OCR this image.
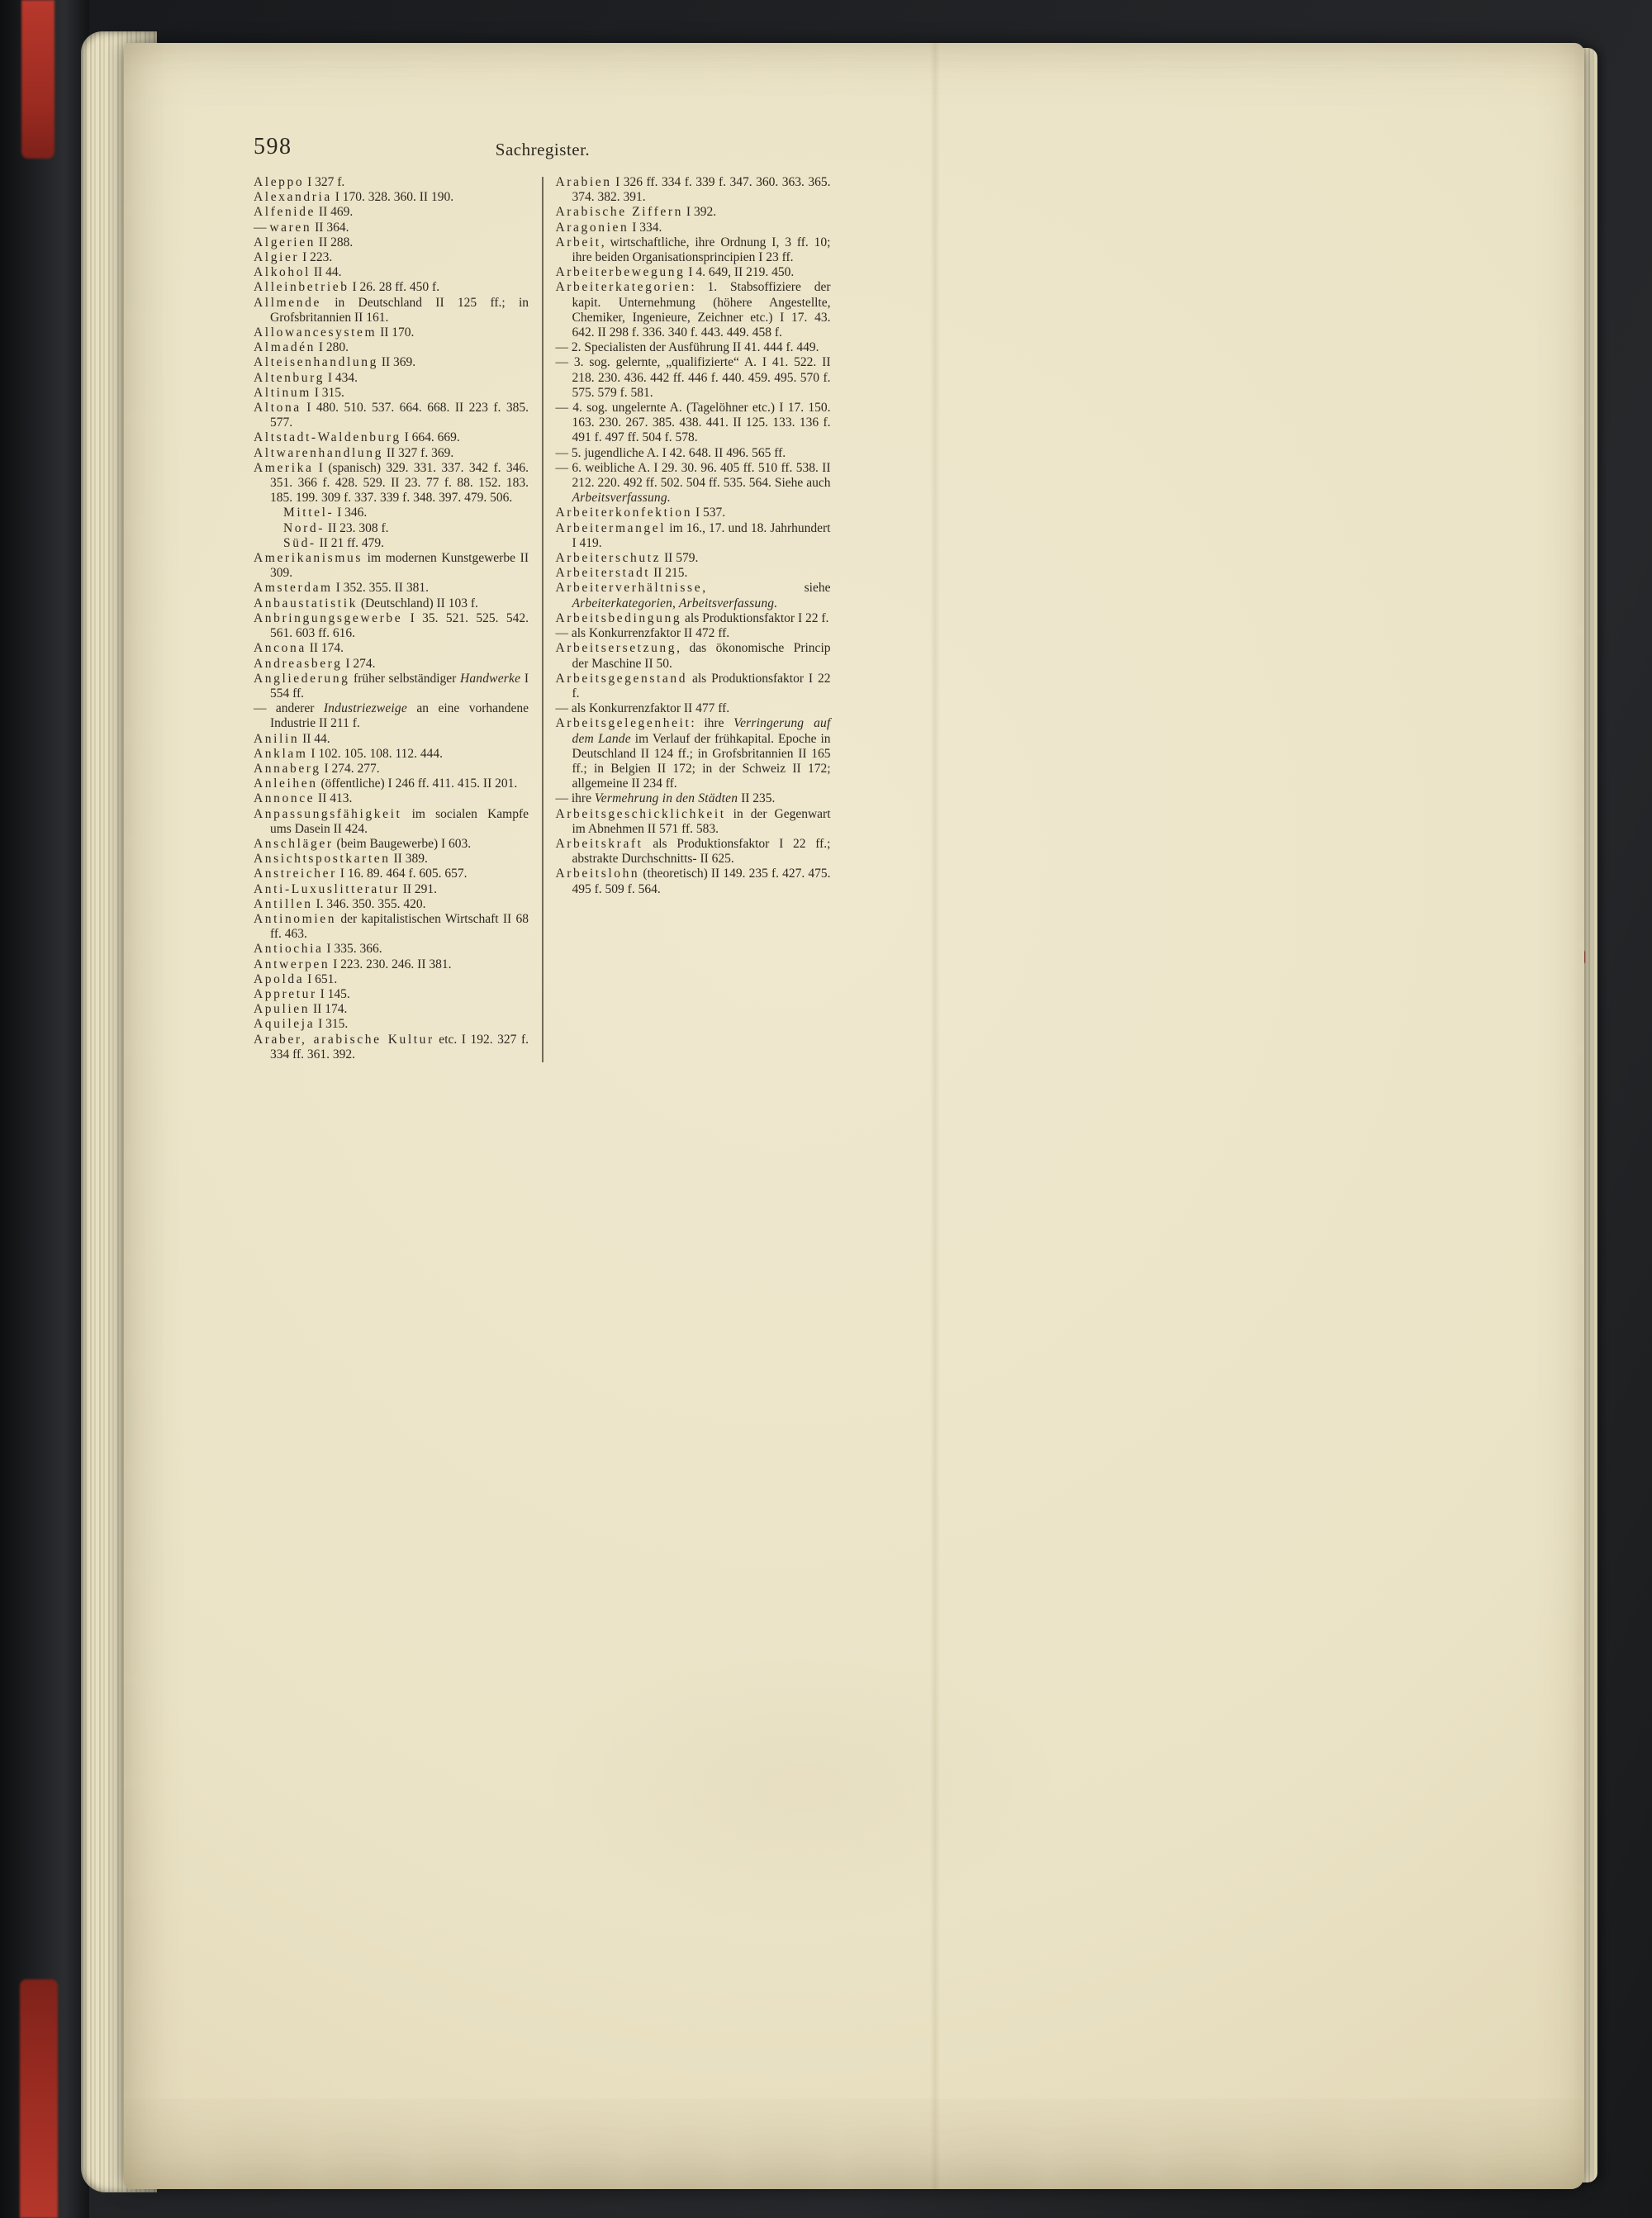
598	Sachregister.
Aleppo I 327 f.
Alexandria I 170. 328. 360. II 190.
Alfenide II 469.
— waren II 364.
Algerien II 288.
Algier I 223.
Alkohol II 44.
Alleinbetrieb I 26. 28 ff. 450 f.
Allmende in Deutschland II 125 ff.; in Grofsbritannien II 161.
Allowancesystem II 170.
Almadén I 280.
Alteisenhandlung II 369.
Altenburg I 434.
Altinum I 315.
Altona I 480. 510. 537. 664. 668. II 223 f. 385. 577.
Altstadt-Waldenburg I 664. 669.
Altwarenhandlung II 327 f. 369.
Amerika I (spanisch) 329. 331. 337. 342 f. 346. 351. 366 f. 428. 529. II 23. 77 f. 88. 152. 183. 185. 199. 309 f. 337. 339 f. 348. 397. 479. 506.
Mittel- I 346.
Nord- II 23. 308 f.
Süd- II 21 ff. 479.
Amerikanismus im modernen Kunstgewerbe II 309.
Amsterdam I 352. 355. II 381.
Anbaustatistik (Deutschland) II 103 f.
Anbringungsgewerbe I 35. 521. 525. 542. 561. 603 ff. 616.
Ancona II 174.
Andreasberg I 274.
Angliederung früher selbständiger Handwerke I 554 ff.
— anderer Industriezweige an eine vorhandene Industrie II 211 f.
Anilin II 44.
Anklam I 102. 105. 108. 112. 444.
Annaberg I 274. 277.
Anleihen (öffentliche) I 246 ff. 411. 415. II 201.
Annonce II 413.
Anpassungsfähigkeit im socialen Kampfe ums Dasein II 424.
Anschläger (beim Baugewerbe) I 603.
Ansichtspostkarten II 389.
Anstreicher I 16. 89. 464 f. 605. 657.
Anti-Luxuslitteratur II 291.
Antillen I. 346. 350. 355. 420.
Antinomien der kapitalistischen Wirtschaft II 68 ff. 463.
Antiochia I 335. 366.
Antwerpen I 223. 230. 246. II 381.
Apolda I 651.
Appretur I 145.
Apulien II 174.
Aquileja I 315.
Araber, arabische Kultur etc. I 192. 327 f. 334 ff. 361. 392.
Arabien I 326 ff. 334 f. 339 f. 347. 360. 363. 365. 374. 382. 391.
Arabische Ziffern I 392.
Aragonien I 334.
Arbeit, wirtschaftliche, ihre Ordnung I, 3 ff. 10; ihre beiden Organisationsprincipien I 23 ff.
Arbeiterbewegung I 4. 649, II 219. 450.
Arbeiterkategorien: 1. Stabsoffiziere der kapit. Unternehmung (höhere Angestellte, Chemiker, Ingenieure, Zeichner etc.) I 17. 43. 642. II 298 f. 336. 340 f. 443. 449. 458 f.
— 2. Specialisten der Ausführung II 41. 444 f. 449.
— 3. sog. gelernte, „qualifizierte“ A. I 41. 522. II 218. 230. 436. 442 ff. 446 f. 440. 459. 495. 570 f. 575. 579 f. 581.
— 4. sog. ungelernte A. (Tagelöhner etc.) I 17. 150. 163. 230. 267. 385. 438. 441. II 125. 133. 136 f. 491 f. 497 ff. 504 f. 578.
— 5. jugendliche A. I 42. 648. II 496. 565 ff.
— 6. weibliche A. I 29. 30. 96. 405 ff. 510 ff. 538. II 212. 220. 492 ff. 502. 504 ff. 535. 564. Siehe auch Arbeitsverfassung.
Arbeiterkonfektion I 537.
Arbeitermangel im 16., 17. und 18. Jahrhundert I 419.
Arbeiterschutz II 579.
Arbeiterstadt II 215.
Arbeiterverhältnisse, siehe Arbeiterkategorien, Arbeitsverfassung.
Arbeitsbedingung als Produktionsfaktor I 22 f.
— als Konkurrenzfaktor II 472 ff.
Arbeitsersetzung, das ökonomische Princip der Maschine II 50.
Arbeitsgegenstand als Produktionsfaktor I 22 f.
— als Konkurrenzfaktor II 477 ff.
Arbeitsgelegenheit: ihre Verringerung auf dem Lande im Verlauf der frühkapital. Epoche in Deutschland II 124 ff.; in Grofsbritannien II 165 ff.; in Belgien II 172; in der Schweiz II 172; allgemeine II 234 ff.
— ihre Vermehrung in den Städten II 235.
Arbeitsgeschicklichkeit in der Gegenwart im Abnehmen II 571 ff. 583.
Arbeitskraft als Produktionsfaktor I 22 ff.; abstrakte Durchschnitts- II 625.
Arbeitslohn (theoretisch) II 149. 235 f. 427. 475. 495 f. 509 f. 564.
